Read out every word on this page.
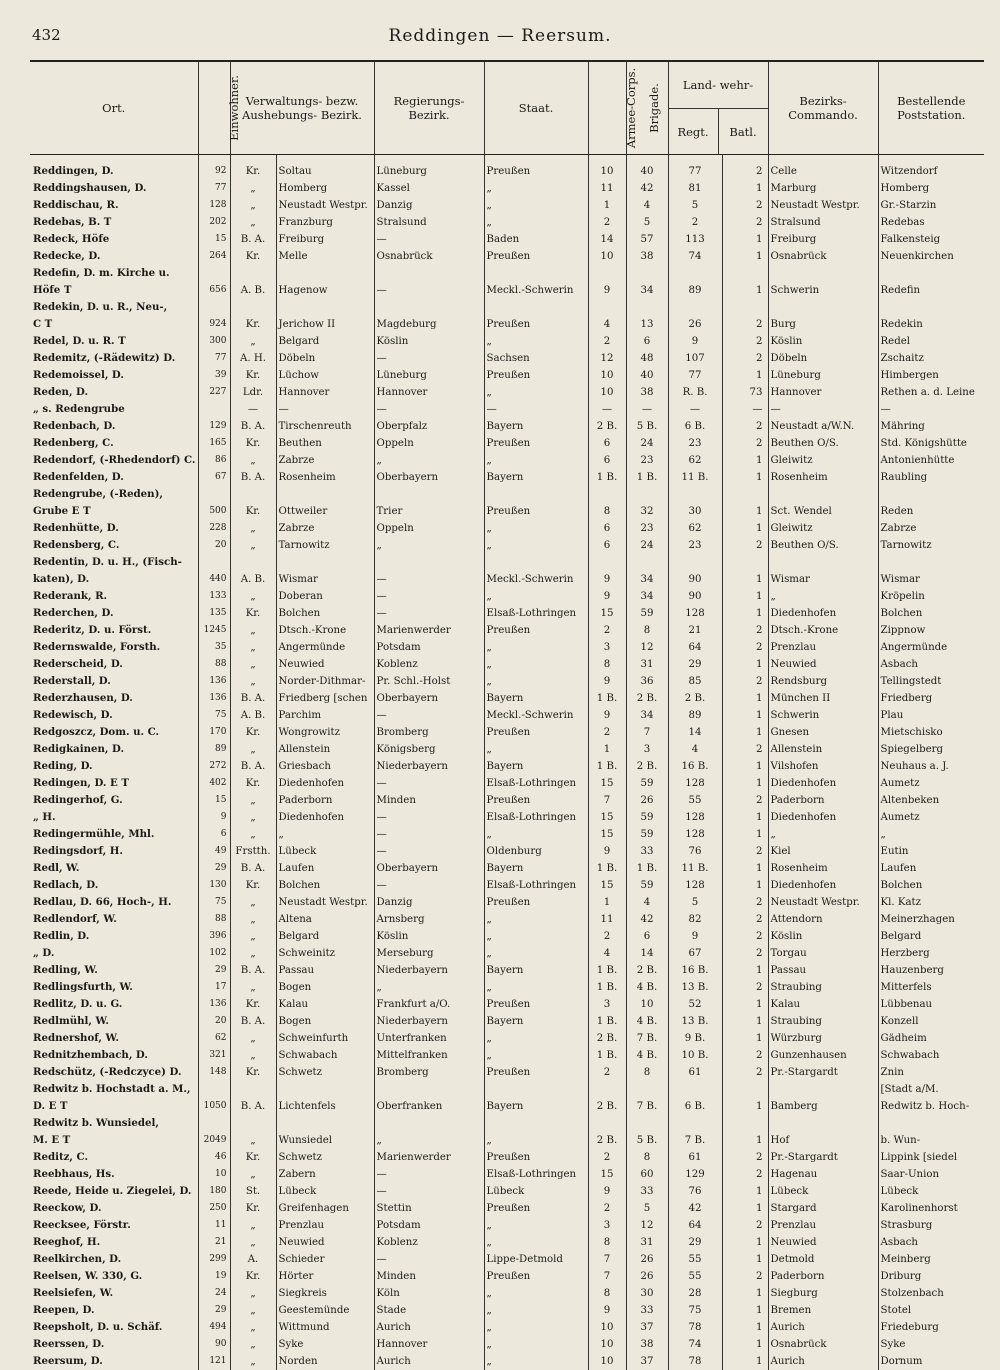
432	Reddingen — Reersum.
Ort.	Einwohner.	Verwaltungs- bezw. Aushebungs- Bezirk.		Regierungs- Bezirk.	Staat.	Armee-Corps.	Brigade.	Land- wehr-
Regt. Batl.		Bezirks- Commando.	Bestellende Poststation.
Reddingen, D.	92	Kr.	Soltau	Lüneburg	Preußen	10	40	77	2	Celle	Witzendorf
Reddingshausen, D.	77	„	Homberg	Kassel	„	11	42	81	1	Marburg	Homberg
Reddischau, R.	128	„	Neustadt Westpr.	Danzig	„	1	4	5	2	Neustadt Westpr.	Gr.-Starzin
Redebas, B. T	202	„	Franzburg	Stralsund	„	2	5	2	2	Stralsund	Redebas
Redeck, Höfe	15	B. A.	Freiburg	—	Baden	14	57	113	1	Freiburg	Falkensteig
Redecke, D.	264	Kr.	Melle	Osnabrück	Preußen	10	38	74	1	Osnabrück	Neuenkirchen
Redefin, D. m. Kirche u.											
Höfe T	656	A. B.	Hagenow	—	Meckl.-Schwerin	9	34	89	1	Schwerin	Redefin
Redekin, D. u. R., Neu-,											
C T	924	Kr.	Jerichow II	Magdeburg	Preußen	4	13	26	2	Burg	Redekin
Redel, D. u. R. T	300	„	Belgard	Köslin	„	2	6	9	2	Köslin	Redel
Redemitz, (-Rädewitz) D.	77	A. H.	Döbeln	—	Sachsen	12	48	107	2	Döbeln	Zschaitz
Redemoissel, D.	39	Kr.	Lüchow	Lüneburg	Preußen	10	40	77	1	Lüneburg	Himbergen
Reden, D.	227	Ldr.	Hannover	Hannover	„	10	38	R. B.	73	Hannover	Rethen a. d. Leine
„ s. Redengrube		—	—	—	—	—	—	—	—	—	—
Redenbach, D.	129	B. A.	Tirschenreuth	Oberpfalz	Bayern	2 B.	5 B.	6 B.	2	Neustadt a/W.N.	Mähring
Redenberg, C.	165	Kr.	Beuthen	Oppeln	Preußen	6	24	23	2	Beuthen O/S.	Std. Königshütte
Redendorf, (-Rhedendorf) C.	86	„	Zabrze	„	„	6	23	62	1	Gleiwitz	Antonienhütte
Redenfelden, D.	67	B. A.	Rosenheim	Oberbayern	Bayern	1 B.	1 B.	11 B.	1	Rosenheim	Raubling
Redengrube, (-Reden),											
Grube E T	500	Kr.	Ottweiler	Trier	Preußen	8	32	30	1	Sct. Wendel	Reden
Redenhütte, D.	228	„	Zabrze	Oppeln	„	6	23	62	1	Gleiwitz	Zabrze
Redensberg, C.	20	„	Tarnowitz	„	„	6	24	23	2	Beuthen O/S.	Tarnowitz
Redentin, D. u. H., (Fisch-											
katen), D.	440	A. B.	Wismar	—	Meckl.-Schwerin	9	34	90	1	Wismar	Wismar
Rederank, R.	133	„	Doberan	—	„	9	34	90	1	„	Kröpelin
Rederchen, D.	135	Kr.	Bolchen	—	Elsaß-Lothringen	15	59	128	1	Diedenhofen	Bolchen
Rederitz, D. u. Först.	1245	„	Dtsch.-Krone	Marienwerder	Preußen	2	8	21	2	Dtsch.-Krone	Zippnow
Redernswalde, Forsth.	35	„	Angermünde	Potsdam	„	3	12	64	2	Prenzlau	Angermünde
Rederscheid, D.	88	„	Neuwied	Koblenz	„	8	31	29	1	Neuwied	Asbach
Rederstall, D.	136	„	Norder-Dithmar-	Pr. Schl.-Holst	„	9	36	85	2	Rendsburg	Tellingstedt
Rederzhausen, D.	136	B. A.	Friedberg [schen	Oberbayern	Bayern	1 B.	2 B.	2 B.	1	München II	Friedberg
Redewisch, D.	75	A. B.	Parchim	—	Meckl.-Schwerin	9	34	89	1	Schwerin	Plau
Redgoszcz, Dom. u. C.	170	Kr.	Wongrowitz	Bromberg	Preußen	2	7	14	1	Gnesen	Mietschisko
Redigkainen, D.	89	„	Allenstein	Königsberg	„	1	3	4	2	Allenstein	Spiegelberg
Reding, D.	272	B. A.	Griesbach	Niederbayern	Bayern	1 B.	2 B.	16 B.	1	Vilshofen	Neuhaus a. J.
Redingen, D. E T	402	Kr.	Diedenhofen	—	Elsaß-Lothringen	15	59	128	1	Diedenhofen	Aumetz
Redingerhof, G.	15	„	Paderborn	Minden	Preußen	7	26	55	2	Paderborn	Altenbeken
„ H.	9	„	Diedenhofen	—	Elsaß-Lothringen	15	59	128	1	Diedenhofen	Aumetz
Redingermühle, Mhl.	6	„	„	—	„	15	59	128	1	„	„
Redingsdorf, H.	49	Frstth.	Lübeck	—	Oldenburg	9	33	76	2	Kiel	Eutin
Redl, W.	29	B. A.	Laufen	Oberbayern	Bayern	1 B.	1 B.	11 B.	1	Rosenheim	Laufen
Redlach, D.	130	Kr.	Bolchen	—	Elsaß-Lothringen	15	59	128	1	Diedenhofen	Bolchen
Redlau, D. 66, Hoch-, H.	75	„	Neustadt Westpr.	Danzig	Preußen	1	4	5	2	Neustadt Westpr.	Kl. Katz
Redlendorf, W.	88	„	Altena	Arnsberg	„	11	42	82	2	Attendorn	Meinerzhagen
Redlin, D.	396	„	Belgard	Köslin	„	2	6	9	2	Köslin	Belgard
„ D.	102	„	Schweinitz	Merseburg	„	4	14	67	2	Torgau	Herzberg
Redling, W.	29	B. A.	Passau	Niederbayern	Bayern	1 B.	2 B.	16 B.	1	Passau	Hauzenberg
Redlingsfurth, W.	17	„	Bogen	„	„	1 B.	4 B.	13 B.	2	Straubing	Mitterfels
Redlitz, D. u. G.	136	Kr.	Kalau	Frankfurt a/O.	Preußen	3	10	52	1	Kalau	Lübbenau
Redlmühl, W.	20	B. A.	Bogen	Niederbayern	Bayern	1 B.	4 B.	13 B.	1	Straubing	Konzell
Rednershof, W.	62	„	Schweinfurth	Unterfranken	„	2 B.	7 B.	9 B.	1	Würzburg	Gädheim
Rednitzhembach, D.	321	„	Schwabach	Mittelfranken	„	1 B.	4 B.	10 B.	2	Gunzenhausen	Schwabach
Redschütz, (-Redczyce) D.	148	Kr.	Schwetz	Bromberg	Preußen	2	8	61	2	Pr.-Stargardt	Znin
Redwitz b. Hochstadt a. M.,											[Stadt a/M.
D. E T	1050	B. A.	Lichtenfels	Oberfranken	Bayern	2 B.	7 B.	6 B.	1	Bamberg	Redwitz b. Hoch-
Redwitz b. Wunsiedel,											
M. E T	2049	„	Wunsiedel	„	„	2 B.	5 B.	7 B.	1	Hof	b. Wun-
Reditz, C.	46	Kr.	Schwetz	Marienwerder	Preußen	2	8	61	2	Pr.-Stargardt	Lippink [siedel
Reebhaus, Hs.	10	„	Zabern	—	Elsaß-Lothringen	15	60	129	2	Hagenau	Saar-Union
Reede, Heide u. Ziegelei, D.	180	St.	Lübeck	—	Lübeck	9	33	76	1	Lübeck	Lübeck
Reeckow, D.	250	Kr.	Greifenhagen	Stettin	Preußen	2	5	42	1	Stargard	Karolinenhorst
Reecksee, Förstr.	11	„	Prenzlau	Potsdam	„	3	12	64	2	Prenzlau	Strasburg
Reeghof, H.	21	„	Neuwied	Koblenz	„	8	31	29	1	Neuwied	Asbach
Reelkirchen, D.	299	A.	Schieder	—	Lippe-Detmold	7	26	55	1	Detmold	Meinberg
Reelsen, W. 330, G.	19	Kr.	Hörter	Minden	Preußen	7	26	55	2	Paderborn	Driburg
Reelsiefen, W.	24	„	Siegkreis	Köln	„	8	30	28	1	Siegburg	Stolzenbach
Reepen, D.	29	„	Geestemünde	Stade	„	9	33	75	1	Bremen	Stotel
Reepsholt, D. u. Schäf.	494	„	Wittmund	Aurich	„	10	37	78	1	Aurich	Friedeburg
Reerssen, D.	90	„	Syke	Hannover	„	10	38	74	1	Osnabrück	Syke
Reersum, D.	121	„	Norden	Aurich	„	10	37	78	1	Aurich	Dornum
